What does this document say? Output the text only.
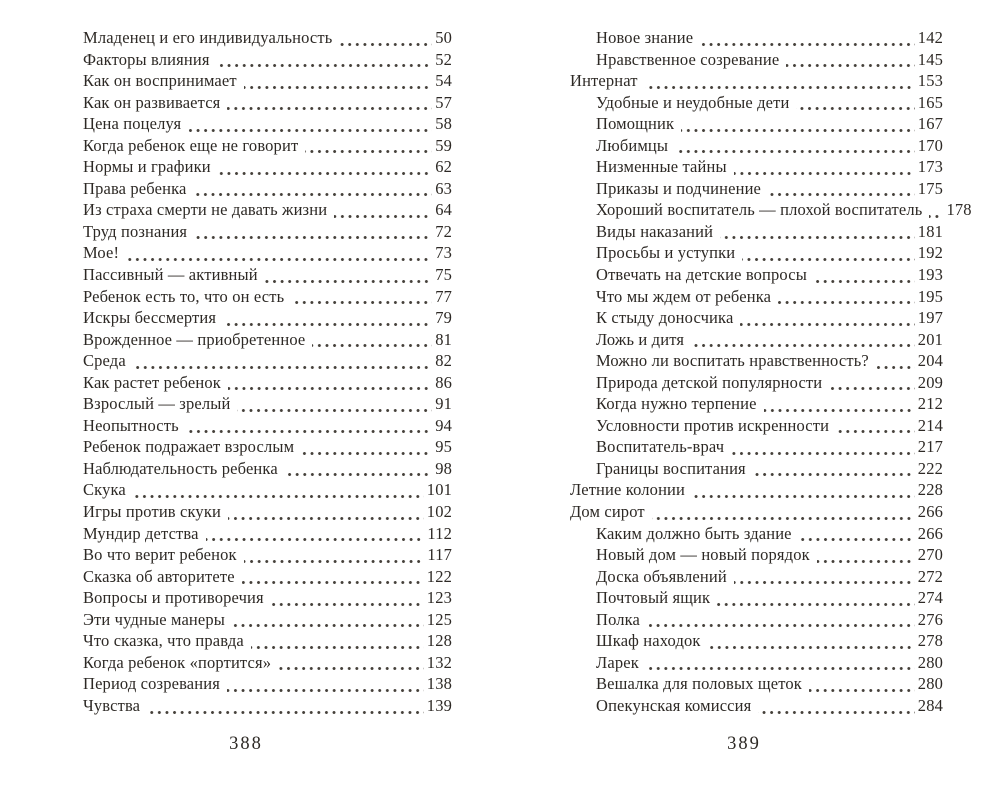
Младенец и его индивидуальность	50
Факторы влияния	52
Как он воспринимает	54
Как он развивается	57
Цена поцелуя	58
Когда ребенок еще не говорит	59
Нормы и графики	62
Права ребенка	63
Из страха смерти не давать жизни	64
Труд познания	72
Мое!	73
Пассивный — активный	75
Ребенок есть то, что он есть	77
Искры бессмертия	79
Врожденное — приобретенное	81
Среда	82
Как растет ребенок	86
Взрослый — зрелый	91
Неопытность	94
Ребенок подражает взрослым	95
Наблюдательность ребенка	98
Скука	101
Игры против скуки	102
Мундир детства	112
Во что верит ребенок	117
Сказка об авторитете	122
Вопросы и противоречия	123
Эти чудные манеры	125
Что сказка, что правда	128
Когда ребенок «портится»	132
Период созревания	138
Чувства	139
Новое знание	142
Нравственное созревание	145
Интернат	153
Удобные и неудобные дети	165
Помощник	167
Любимцы	170
Низменные тайны	173
Приказы и подчинение	175
Хороший воспитатель — плохой воспитатель 178
Виды наказаний	181
Просьбы и уступки	192
Отвечать на детские вопросы	193
Что мы ждем от ребенка	195
К стыду доносчика	197
Ложь и дитя	201
Можно ли воспитать нравственность?	204
Природа детской популярности	209
Когда нужно терпение	212
Условности против искренности	214
Воспитатель-врач	217
Границы воспитания	222
Летние колонии	228
Дом сирот	266
Каким должно быть здание	266
Новый дом — новый порядок	270
Доска объявлений	272
Почтовый ящик	274
Полка	276
Шкаф находок	278
Ларек	280
Вешалка для половых щеток	280
Опекунская комиссия	284
388	389
